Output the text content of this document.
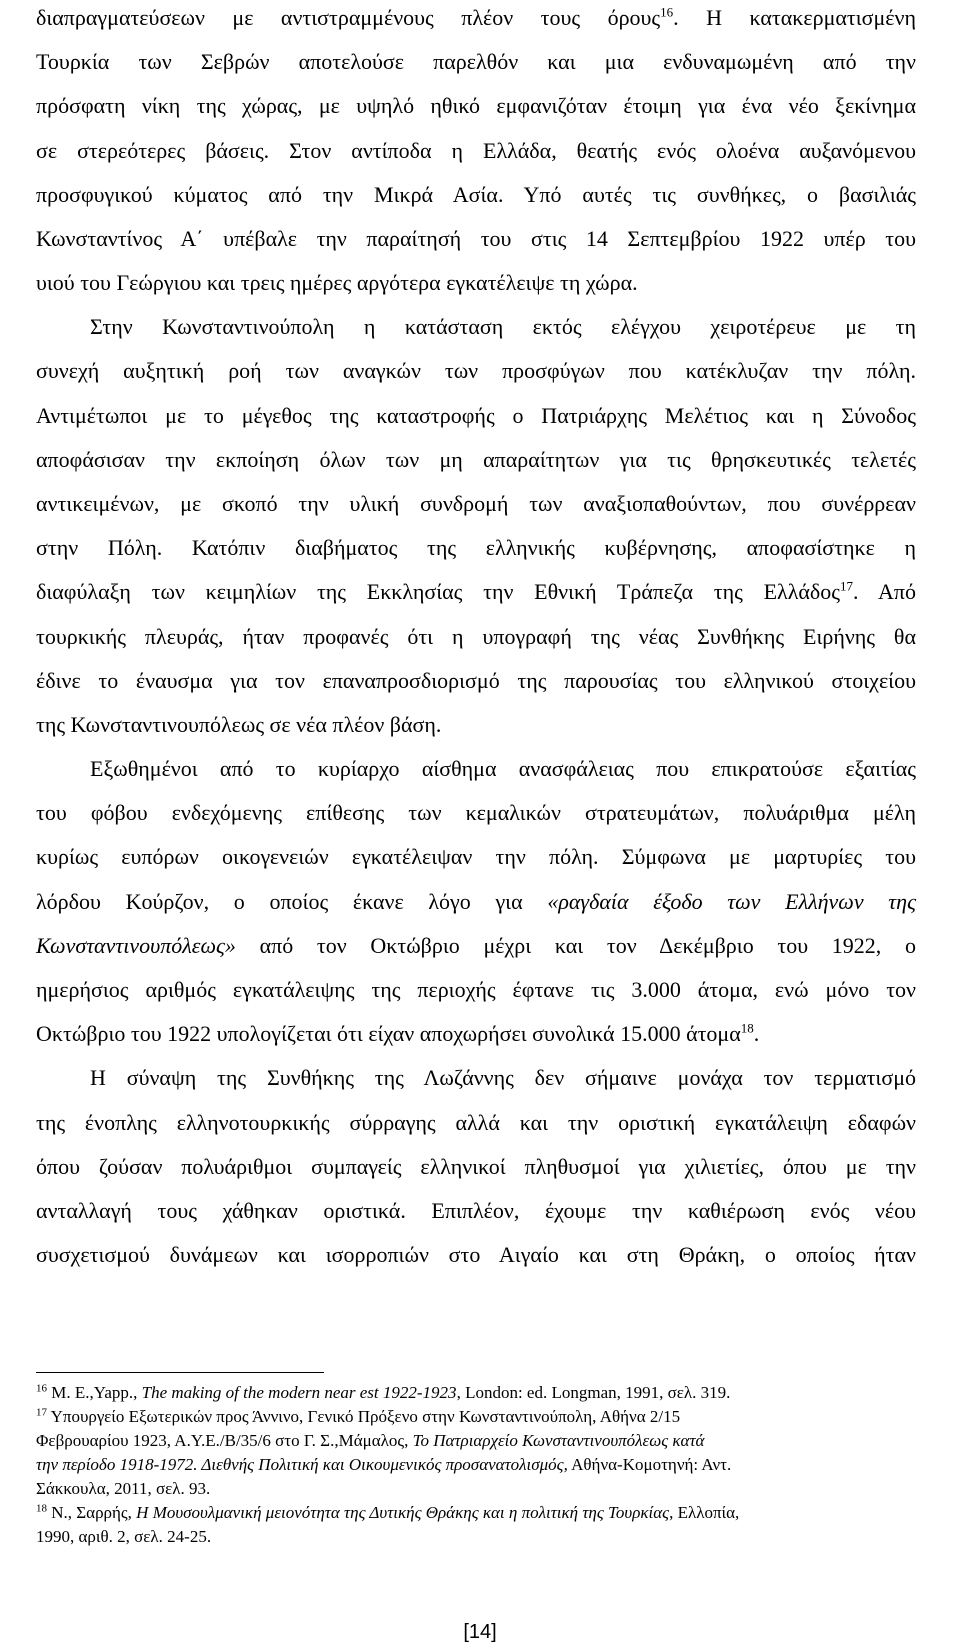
διαπραγματεύσεων με αντιστραμμένους πλέον τους όρους$^{16}$. Η κατακερματισμένη
Τουρκία των Σεβρών αποτελούσε παρελθόν και μια ενδυναμωμένη από την
πρόσφατη νίκη της χώρας, με υψηλό ηθικό εμφανιζόταν έτοιμη για ένα νέο ξεκίνημα
σε στερεότερες βάσεις. Στον αντίποδα η Ελλάδα, θεατής ενός ολοένα αυξανόμενου
προσφυγικού κύματος από την Μικρά Ασία. Υπό αυτές τις συνθήκες, ο βασιλιάς
Κωνσταντίνος Α΄ υπέβαλε την παραίτησή του στις 14 Σεπτεμβρίου 1922 υπέρ του
υιού του Γεώργιου και τρεις ημέρες αργότερα εγκατέλειψε τη χώρα.
Στην Κωνσταντινούπολη η κατάσταση εκτός ελέγχου χειροτέρευε με τη
συνεχή αυξητική ροή των αναγκών των προσφύγων που κατέκλυζαν την πόλη.
Αντιμέτωποι με το μέγεθος της καταστροφής ο Πατριάρχης Μελέτιος και η Σύνοδος
αποφάσισαν την εκποίηση όλων των μη απαραίτητων για τις θρησκευτικές τελετές
αντικειμένων, με σκοπό την υλική συνδρομή των αναξιοπαθούντων, που συνέρρεαν
στην Πόλη. Κατόπιν διαβήματος της ελληνικής κυβέρνησης, αποφασίστηκε η
διαφύλαξη των κειμηλίων της Εκκλησίας την Εθνική Τράπεζα της Ελλάδος$^{17}$. Από
τουρκικής πλευράς, ήταν προφανές ότι η υπογραφή της νέας Συνθήκης Ειρήνης θα
έδινε το έναυσμα για τον επαναπροσδιορισμό της παρουσίας του ελληνικού στοιχείου
της Κωνσταντινουπόλεως σε νέα πλέον βάση.
Εξωθημένοι από το κυρίαρχο αίσθημα ανασφάλειας που επικρατούσε εξαιτίας
του φόβου ενδεχόμενης επίθεσης των κεμαλικών στρατευμάτων, πολυάριθμα μέλη
κυρίως ευπόρων οικογενειών εγκατέλειψαν την πόλη. Σύμφωνα με μαρτυρίες του
λόρδου Κούρζον, ο οποίος έκανε λόγο για «ραγδαία έξοδο των Ελλήνων της
Κωνσταντινουπόλεως» από τον Οκτώβριο μέχρι και τον Δεκέμβριο του 1922, ο
ημερήσιος αριθμός εγκατάλειψης της περιοχής έφτανε τις 3.000 άτομα, ενώ μόνο τον
Οκτώβριο του 1922 υπολογίζεται ότι είχαν αποχωρήσει συνολικά 15.000 άτομα$^{18}$.
Η σύναψη της Συνθήκης της Λωζάννης δεν σήμαινε μονάχα τον τερματισμό
της ένοπλης ελληνοτουρκικής σύρραγης αλλά και την οριστική εγκατάλειψη εδαφών
όπου ζούσαν πολυάριθμοι συμπαγείς ελληνικοί πληθυσμοί για χιλιετίες, όπου με την
ανταλλαγή τους χάθηκαν οριστικά. Επιπλέον, έχουμε την καθιέρωση ενός νέου
συσχετισμού δυνάμεων και ισορροπιών στο Αιγαίο και στη Θράκη, ο οποίος ήταν
$^{16}$ Μ. Ε.,Yapp., The making of the modern near est 1922-1923, London: ed. Longman, 1991, σελ. 319.
$^{17}$ Υπουργείο Εξωτερικών προς Άννινο, Γενικό Πρόξενο στην Κωνσταντινούπολη, Αθήνα 2/15
Φεβρουαρίου 1923, Α.Υ.Ε./Β/35/6 στο Γ. Σ.,Μάμαλος, Το Πατριαρχείο Κωνσταντινουπόλεως κατά
την περίοδο 1918-1972. Διεθνής Πολιτική και Οικουμενικός προσανατολισμός, Αθήνα-Κομοτηνή: Αντ.
Σάκκουλα, 2011, σελ. 93.
$^{18}$ Ν., Σαρρής, Η Μουσουλμανική μειονότητα της Δυτικής Θράκης και η πολιτική της Τουρκίας, Ελλοπία,
1990, αριθ. 2, σελ. 24-25.
[14]
